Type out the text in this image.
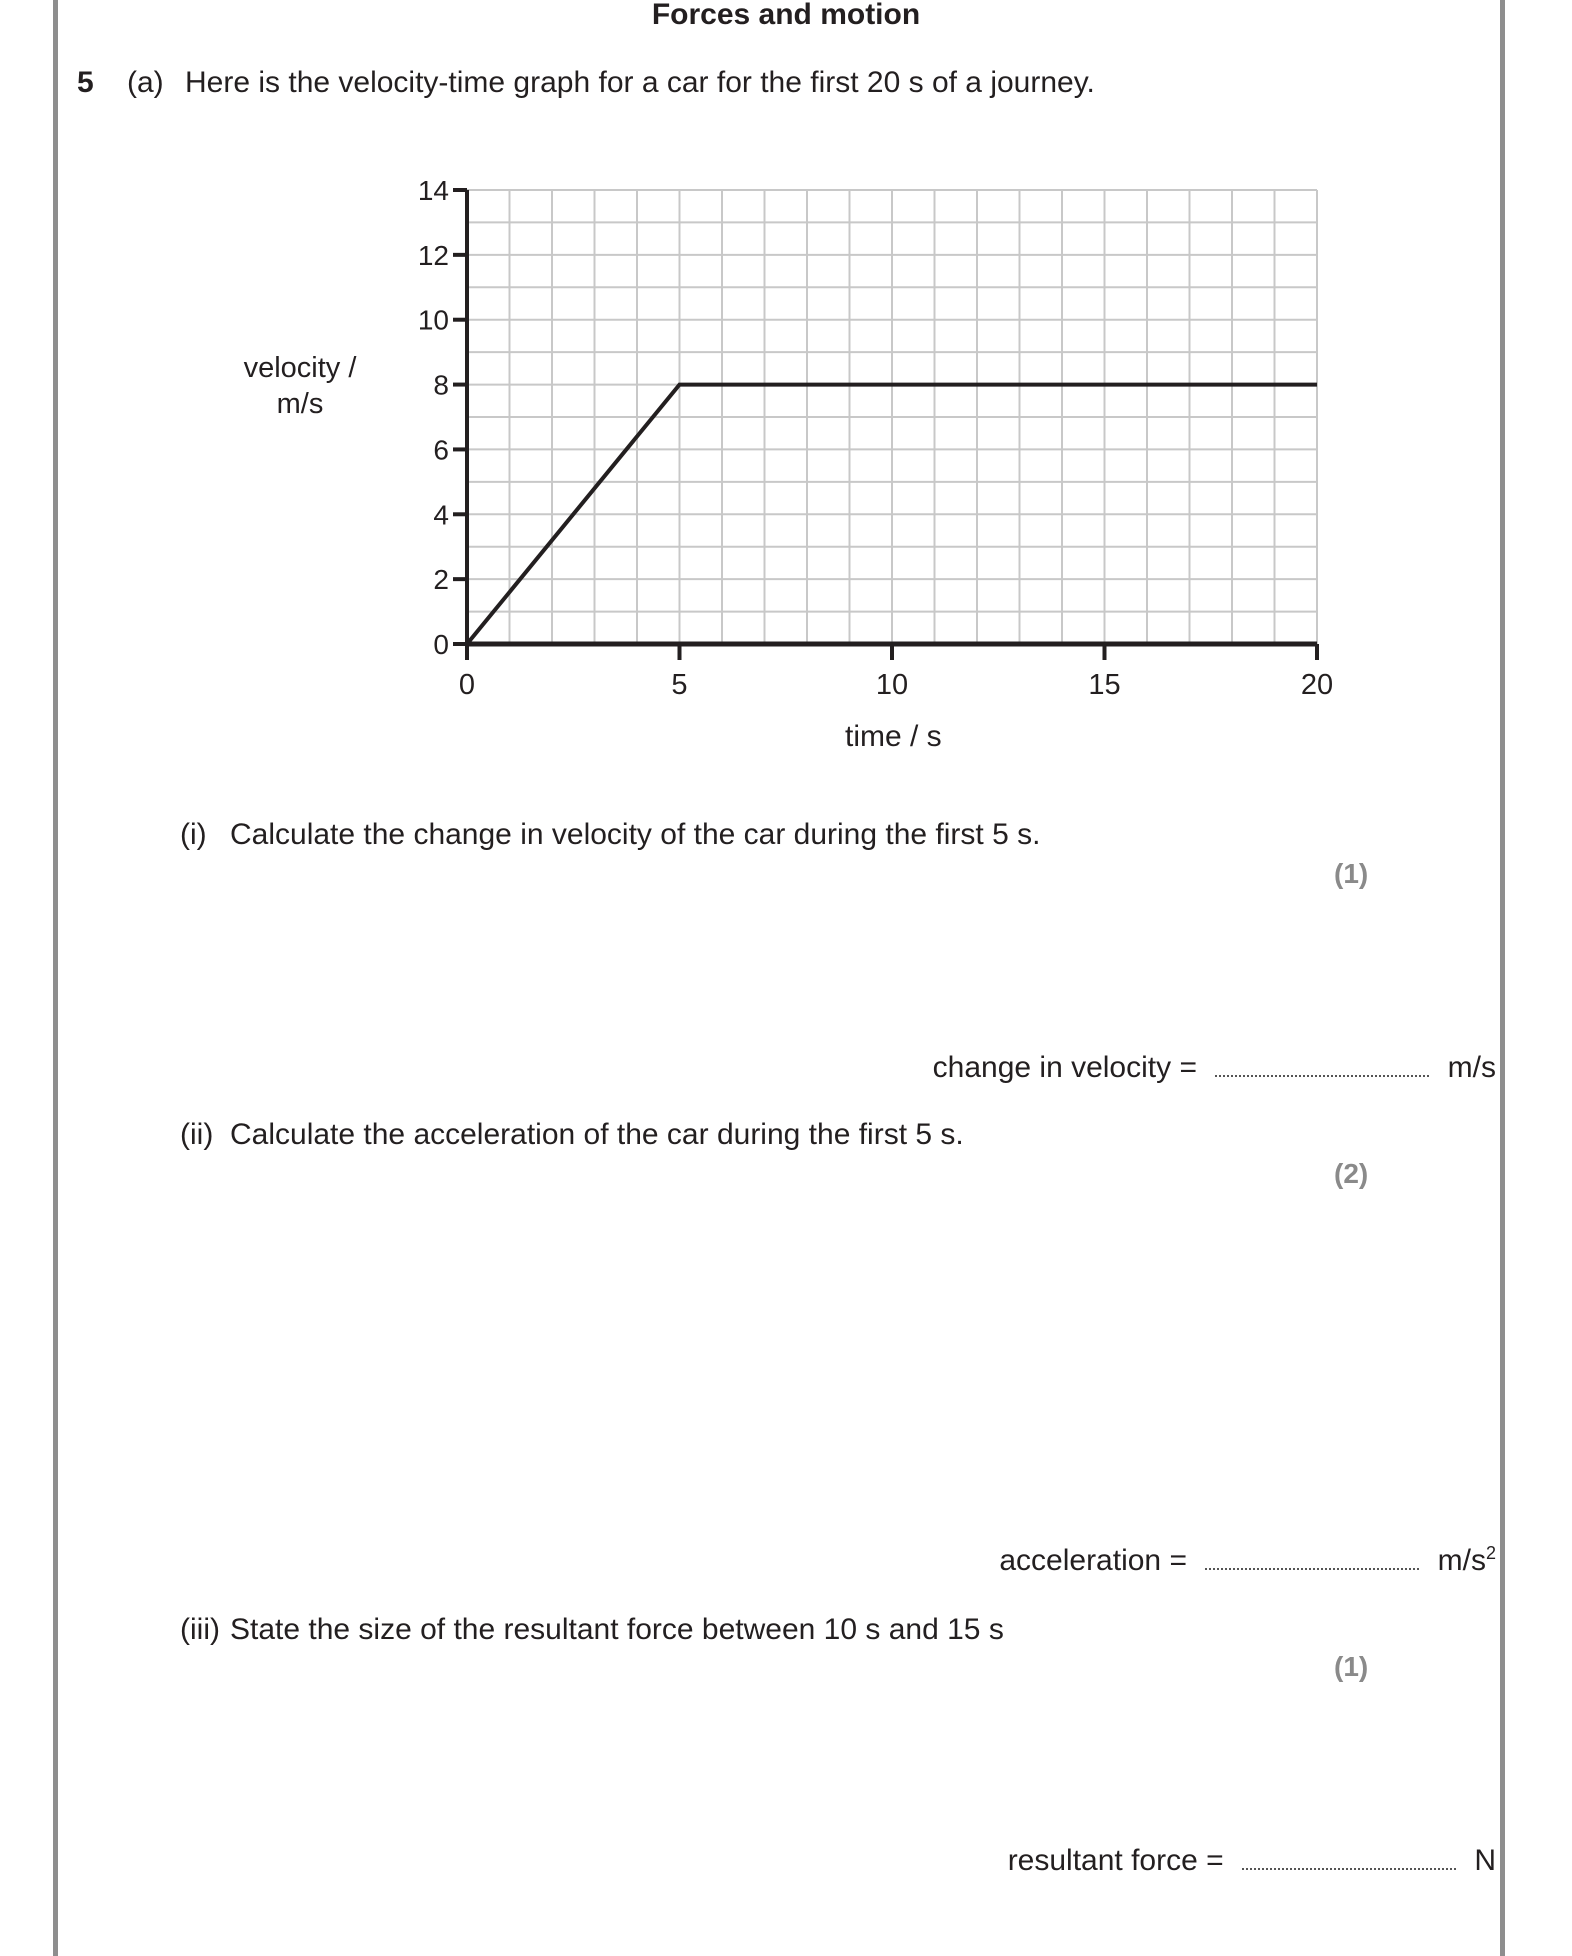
Forces and motion
5 (a) Here is the velocity-time graph for a car for the first 20 s of a journey.
velocity /
m/s
0
2
4
6
8
10
12
14
0	5	10	15	20
time / s
(i) Calculate the change in velocity of the car during the first 5 s.
(1)
change in velocity =	m/s
(ii) Calculate the acceleration of the car during the first 5 s.
(2)
acceleration =	$m/s^2$
(iii) State the size of the resultant force between 10 s and 15 s
(1)
resultant force =	N
